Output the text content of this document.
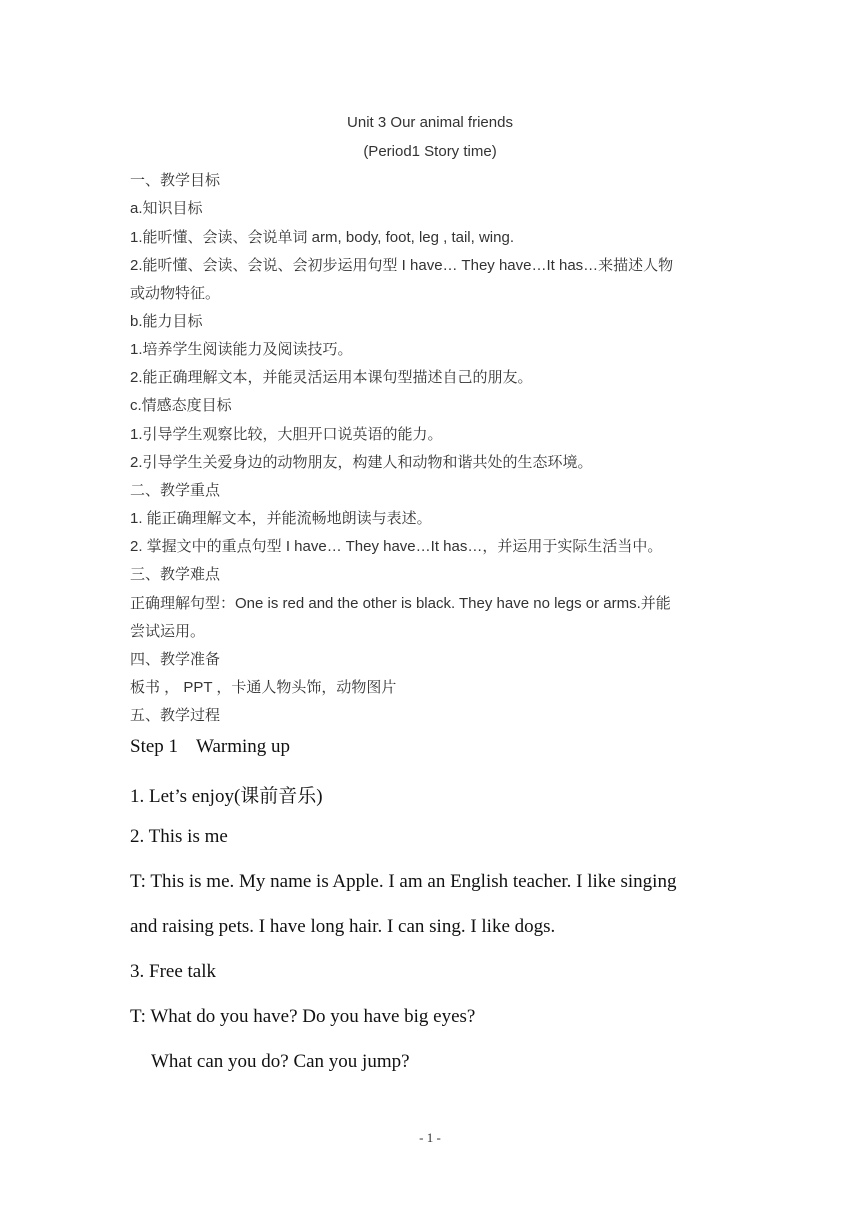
Unit 3 Our animal friends
(Period1 Story time)
一、教学目标
a.知识目标
1.能听懂、会读、会说单词 arm, body, foot, leg , tail, wing.
2.能听懂、会读、会说、会初步运用句型 I have… They have…It has…来描述人物
或动物特征。
b.能力目标
1.培养学生阅读能力及阅读技巧。
2.能正确理解文本，并能灵活运用本课句型描述自己的朋友。
c.情感态度目标
1.引导学生观察比较，大胆开口说英语的能力。
2.引导学生关爱身边的动物朋友，构建人和动物和谐共处的生态环境。
二、教学重点
1. 能正确理解文本，并能流畅地朗读与表述。
2. 掌握文中的重点句型 I have… They have…It has…，并运用于实际生活当中。
三、教学难点
正确理解句型：One is red and the other is black. They have no legs or arms.并能
尝试运用。
四、教学准备
板书 ， PPT ，卡通人物头饰，动物图片
五、教学过程
Step 1 Warming up
1. Let’s enjoy(课前音乐)
2. This is me
T: This is me. My name is Apple. I am an English teacher. I like singing
and raising pets. I have long hair. I can sing. I like dogs.
3. Free talk
T: What do you have? Do you have big eyes?
What can you do? Can you jump?
- 1 -
